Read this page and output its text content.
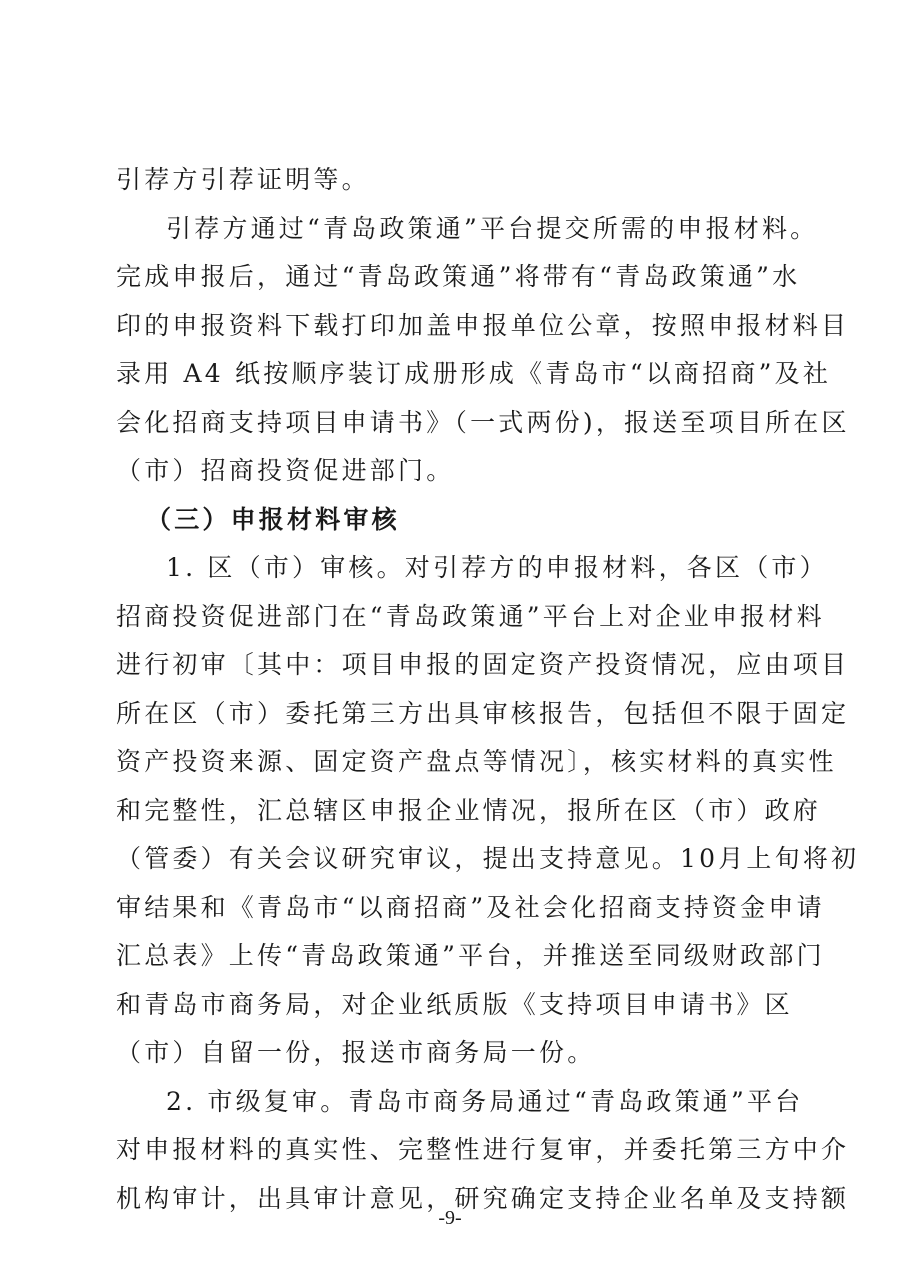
引荐方引荐证明等。
引荐方通过“青岛政策通”平台提交所需的申报材料。
完成申报后，通过“青岛政策通”将带有“青岛政策通”水
印的申报资料下载打印加盖申报单位公章，按照申报材料目
录用 A4 纸按顺序装订成册形成《青岛市“以商招商”及社
会化招商支持项目申请书》（一式两份)，报送至项目所在区
（市）招商投资促进部门。
（三）申报材料审核
1. 区（市）审核。对引荐方的申报材料，各区（市）
招商投资促进部门在“青岛政策通”平台上对企业申报材料
进行初审〔其中：项目申报的固定资产投资情况，应由项目
所在区（市）委托第三方出具审核报告，包括但不限于固定
资产投资来源、固定资产盘点等情况〕，核实材料的真实性
和完整性，汇总辖区申报企业情况，报所在区（市）政府
（管委）有关会议研究审议，提出支持意见。10月上旬将初
审结果和《青岛市“以商招商”及社会化招商支持资金申请
汇总表》上传“青岛政策通”平台，并推送至同级财政部门
和青岛市商务局，对企业纸质版《支持项目申请书》区
（市）自留一份，报送市商务局一份。
2. 市级复审。青岛市商务局通过“青岛政策通”平台
对申报材料的真实性、完整性进行复审，并委托第三方中介
机构审计，出具审计意见，研究确定支持企业名单及支持额
-9-
